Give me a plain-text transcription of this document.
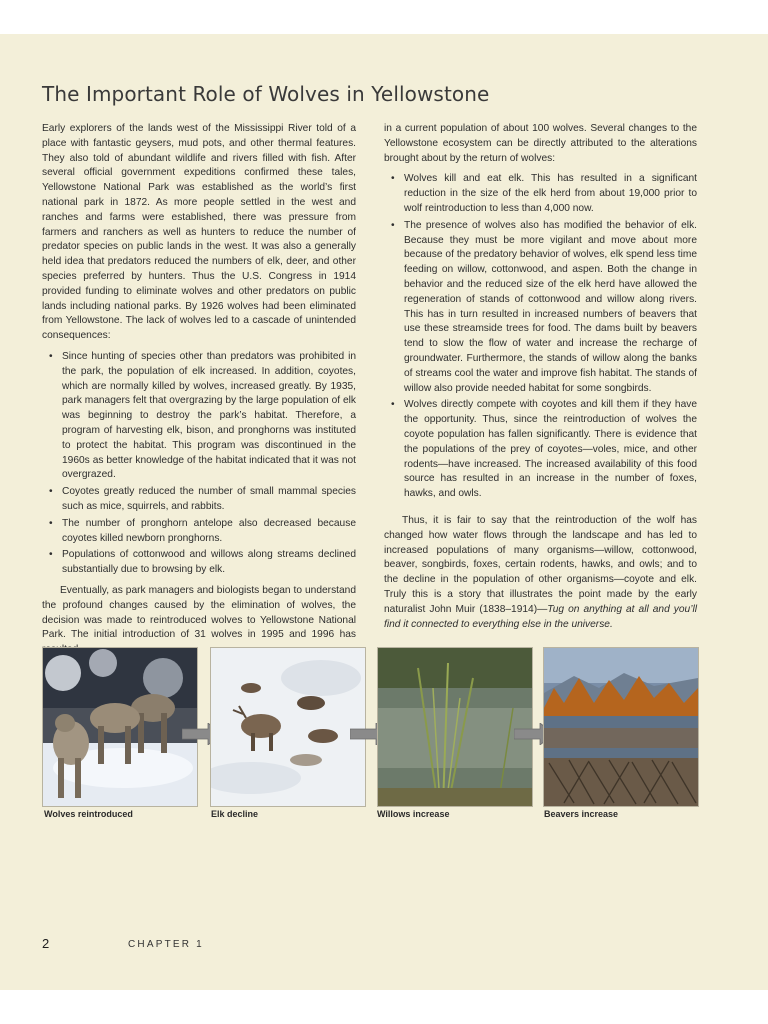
The Important Role of Wolves in Yellowstone

Early explorers of the lands west of the Mississippi River told of a place with fantastic geysers, mud pots, and other thermal features. They also told of abundant wildlife and rivers filled with fish. After several official government expeditions confirmed these tales, Yellowstone National Park was established as the world’s first national park in 1872. As more people settled in the west and ranches and farms were established, there was pressure from farmers and ranchers as well as hunters to reduce the number of predator species on public lands in the west. It was also a generally held idea that predators reduced the numbers of elk, deer, and other species preferred by hunters. Thus the U.S. Congress in 1914 provided funding to eliminate wolves and other predators on public lands including national parks. By 1926 wolves had been eliminated from Yellowstone. The lack of wolves led to a cascade of unintended consequences:

• Since hunting of species other than predators was prohibited in the park, the population of elk increased. In addition, coyotes, which are normally killed by wolves, increased greatly. By 1935, park managers felt that overgrazing by the large population of elk was beginning to destroy the park’s habitat. Therefore, a program of harvesting elk, bison, and pronghorns was instituted to protect the habitat. This program was discontinued in the 1960s as better knowledge of the habitat indicated that it was not overgrazed.
• Coyotes greatly reduced the number of small mammal species such as mice, squirrels, and rabbits.
• The number of pronghorn antelope also decreased because coyotes killed newborn pronghorns.
• Populations of cottonwood and willows along streams declined substantially due to browsing by elk.

Eventually, as park managers and biologists began to understand the profound changes caused by the elimination of wolves, the decision was made to reintroduced wolves to Yellowstone National Park. The initial introduction of 31 wolves in 1995 and 1996 has

in a current population of about 100 wolves. Several changes to the Yellowstone ecosystem can be directly attributed to the alterations brought about by the return of wolves:

• Wolves kill and eat elk. This has resulted in a significant reduction in the size of the elk herd from about 19,000 prior to wolf reintroduction to less than 4,000 now.
• The presence of wolves also has modified the behavior of elk. Because they must be more vigilant and move about more because of the predatory behavior of wolves, elk spend less time feeding on willow, cottonwood, and aspen. Both the change in behavior and the reduced size of the elk herd have allowed the regeneration of stands of cottonwood and willow along rivers. This has in turn resulted in increased numbers of beavers that use these streamside trees for food. The dams built by beavers tend to slow the flow of water and increase the recharge of groundwater. Furthermore, the stands of willow along the banks of streams cool the water and improve fish habitat. The stands of willow also provide needed habitat for some songbirds.
• Wolves directly compete with coyotes and kill them if they have the opportunity. Thus, since the reintroduction of wolves the coyote population has fallen significantly. There is evidence that the populations of the prey of coyotes—voles, mice, and other rodents—have increased. The increased availability of this food source has resulted in an increase in the number of foxes, hawks, and owls.

Thus, it is fair to say that the reintroduction of the wolf has changed how water flows through the landscape and has led to increased populations of many organisms—willow, cottonwood, beaver, songbirds, foxes, certain rodents, hawks, and owls; and to the decline in the population of other organisms—coyote and elk. Truly this is a story that illustrates the point made by the early naturalist John Muir (1838–1914)—Tug on anything at all and you’ll find it connected to everything else in the universe.

Wolves reintroduced	Elk decline	Willows increase	Beavers increase
2	CHAPTER 1
